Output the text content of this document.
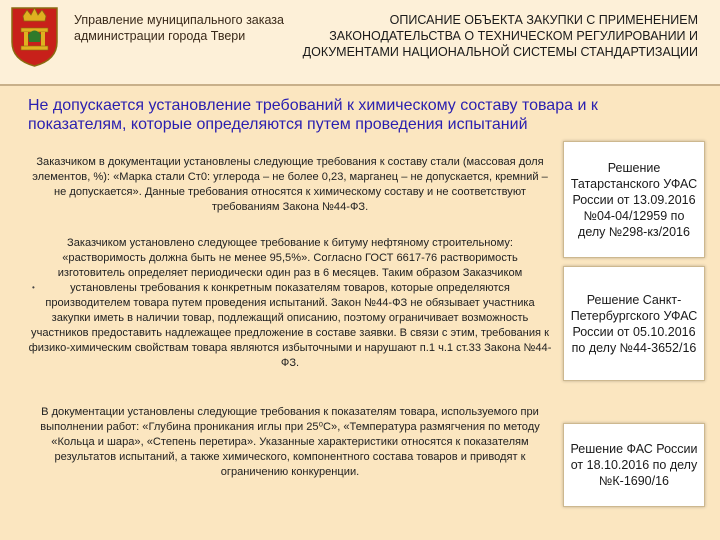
Управление муниципального заказа администрации города Твери
ОПИСАНИЕ ОБЪЕКТА ЗАКУПКИ С ПРИМЕНЕНИЕМ ЗАКОНОДАТЕЛЬСТВА О ТЕХНИЧЕСКОМ РЕГУЛИРОВАНИИ И ДОКУМЕНТАМИ НАЦИОНАЛЬНОЙ СИСТЕМЫ СТАНДАРТИЗАЦИИ
Не допускается установление требований к химическому составу товара и к показателям, которые определяются путем проведения испытаний
Заказчиком в документации установлены следующие требования к составу стали (массовая доля элементов, %): «Марка стали Ст0: углерода – не более 0,23, марганец – не допускается, кремний – не допускается». Данные требования относятся к химическому составу и не соответствуют требованиям Закона №44-ФЗ.
•
Заказчиком установлено следующее требование к битуму нефтяному строительному: «растворимость должна быть не менее 95,5%». Согласно ГОСТ 6617-76 растворимость изготовитель определяет периодически один раз в 6 месяцев. Таким образом Заказчиком установлены требования к конкретным показателям товаров, которые определяются производителем товара путем проведения испытаний. Закон №44-ФЗ не обязывает участника закупки иметь в наличии товар, подлежащий описанию, поэтому ограничивает возможность участников предоставить надлежащее предложение в составе заявки. В связи с этим, требования к физико-химическим свойствам товара являются избыточными и нарушают п.1 ч.1 ст.33 Закона №44-ФЗ.
В документации установлены следующие требования к показателям товара, используемого при выполнении работ: «Глубина проникания иглы при 25⁰С», «Температура размягчения по методу «Кольца и шара», «Степень перетира». Указанные характеристики относятся к показателям результатов испытаний, а также химического, компонентного состава товаров и приводят к ограничению конкуренции.
Решение Татарстанского УФАС России от 13.09.2016 №04-04/12959 по делу №298-кз/2016
Решение Санкт-Петербургского УФАС России от 05.10.2016 по делу №44-3652/16
Решение ФАС России от 18.10.2016 по делу №К-1690/16
